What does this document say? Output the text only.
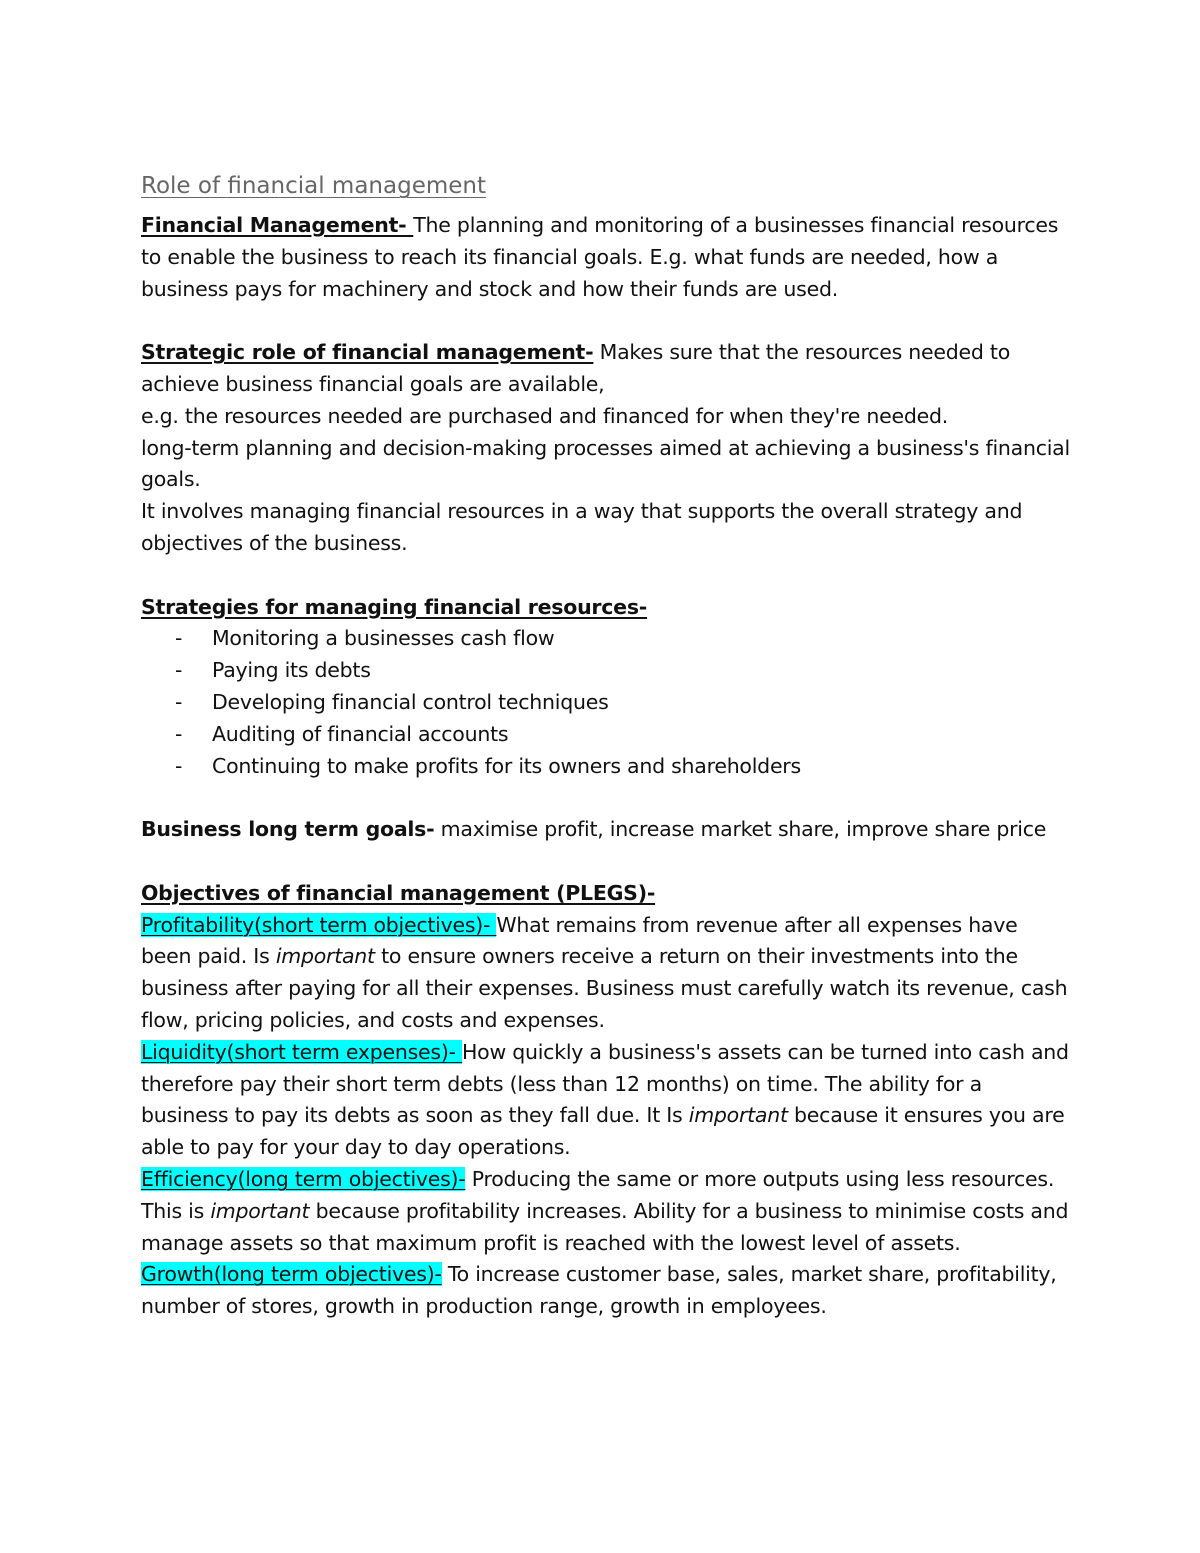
Role of financial management

Financial Management- The planning and monitoring of a businesses financial resources to enable the business to reach its financial goals. E.g. what funds are needed, how a business pays for machinery and stock and how their funds are used.

Strategic role of financial management- Makes sure that the resources needed to achieve business financial goals are available,

e.g. the resources needed are purchased and financed for when they're needed.

long-term planning and decision-making processes aimed at achieving a business's financial goals.

It involves managing financial resources in a way that supports the overall strategy and objectives of the business.

Strategies for managing financial resources-

- Monitoring a businesses cash flow
- Paying its debts
- Developing financial control techniques
- Auditing of financial accounts
- Continuing to make profits for its owners and shareholders

Business long term goals- maximise profit, increase market share, improve share price

Objectives of financial management (PLEGS)-

Profitability(short term objectives)- What remains from revenue after all expenses have been paid. Is important to ensure owners receive a return on their investments into the business after paying for all their expenses. Business must carefully watch its revenue, cash flow, pricing policies, and costs and expenses.

Liquidity(short term expenses)- How quickly a business's assets can be turned into cash and therefore pay their short term debts (less than 12 months) on time. The ability for a business to pay its debts as soon as they fall due. It Is important because it ensures you are able to pay for your day to day operations.

Efficiency(long term objectives)- Producing the same or more outputs using less resources. This is important because profitability increases. Ability for a business to minimise costs and manage assets so that maximum profit is reached with the lowest level of assets.

Growth(long term objectives)- To increase customer base, sales, market share, profitability, number of stores, growth in production range, growth in employees.
